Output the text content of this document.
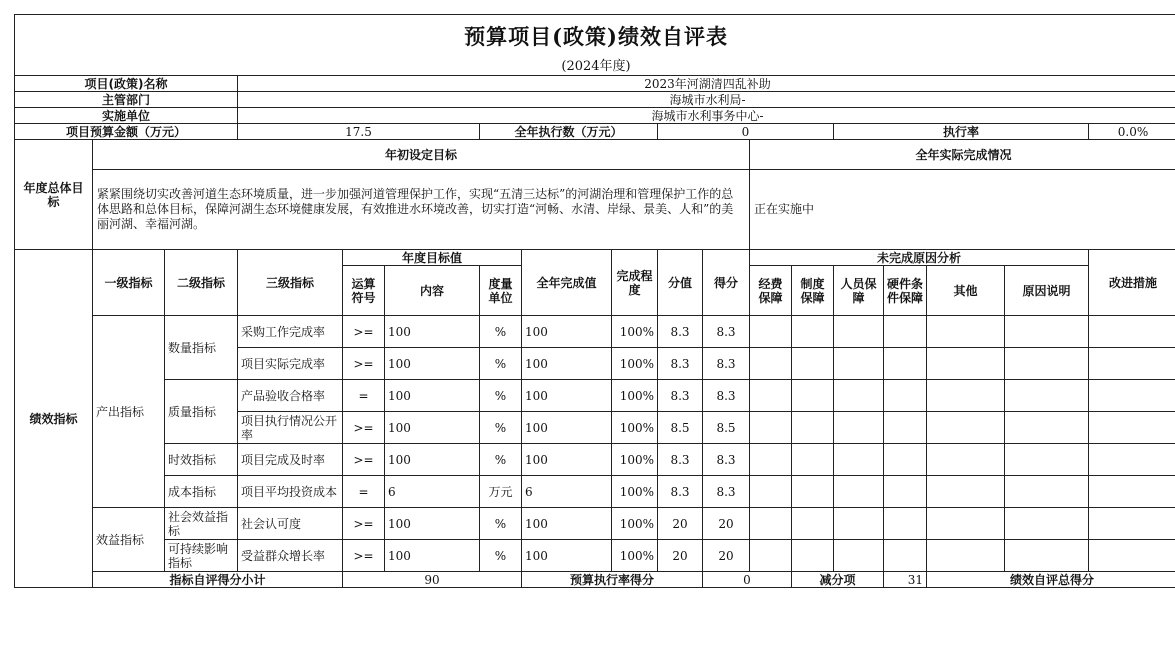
预算项目(政策)绩效自评表																		
(2024年度)																		
项目(政策)名称			2023年河湖清四乱补助															
主管部门			海城市水利局-															
实施单位			海城市水利事务中心-															
项目预算金额（万元）			17.5			全年执行数（万元）			0				执行率				0.0%	
年度总体目标	年初设定目标										全年实际完成情况							
	紧紧围绕切实改善河道生态环境质量，进一步加强河道管理保护工作，实现“五清三达标”的河湖治理和管理保护工作的总体思路和总体目标，保障河湖生态环境健康发展，有效推进水环境改善，切实打造“河畅、水清、岸绿、景美、人和”的美丽河湖、幸福河湖。										正在实施中							
绩效指标	一级指标	二级指标	三级指标	年度目标值			全年完成值	完成程度	分值	得分	未完成原因分析						改进措施	
				运算符号	内容	度量单位					经费保障	制度保障	人员保障	硬件条件保障	其他	原因说明		
	产出指标	数量指标	采购工作完成率	>=	100	%	100	100%	8.3	8.3								
			项目实际完成率	>=	100	%	100	100%	8.3	8.3								
		质量指标	产品验收合格率	=	100	%	100	100%	8.3	8.3								
			项目执行情况公开率	>=	100	%	100	100%	8.5	8.5								
		时效指标	项目完成及时率	>=	100	%	100	100%	8.3	8.3								
		成本指标	项目平均投资成本	=	6	万元	6	100%	8.3	8.3								
	效益指标	社会效益指标	社会认可度	>=	100	%	100	100%	20	20								
		可持续影响指标	受益群众增长率	>=	100	%	100	100%	20	20								
	指标自评得分小计			90			预算执行率得分			0		减分项		31	绩效自评总得分	
